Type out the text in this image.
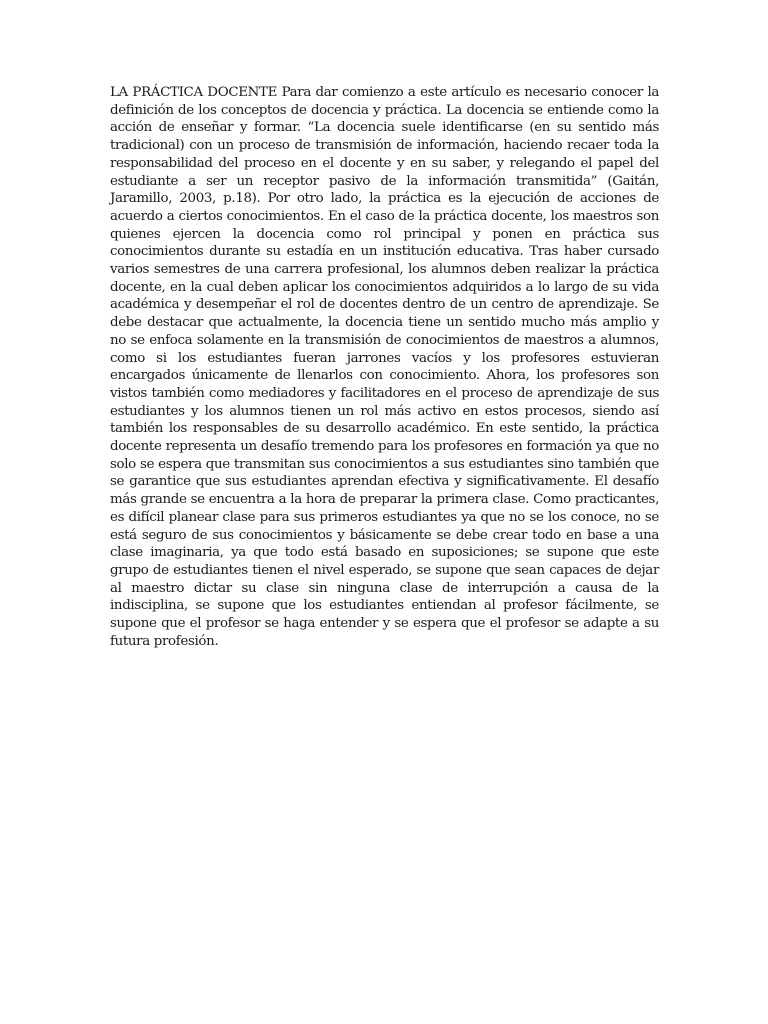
LA PRÁCTICA DOCENTE Para dar comienzo a este artículo es necesario conocer la definición de los conceptos de docencia y práctica. La docencia se entiende como la acción de enseñar y formar. “La docencia suele identificarse (en su sentido más tradicional) con un proceso de transmisión de información, haciendo recaer toda la responsabilidad del proceso en el docente y en su saber, y relegando el papel del estudiante a ser un receptor pasivo de la información transmitida” (Gaitán, Jaramillo, 2003, p.18). Por otro lado, la práctica es la ejecución de acciones de acuerdo a ciertos conocimientos. En el caso de la práctica docente, los maestros son quienes ejercen la docencia como rol principal y ponen en práctica sus conocimientos durante su estadía en un institución educativa. Tras haber cursado varios semestres de una carrera profesional, los alumnos deben realizar la práctica docente, en la cual deben aplicar los conocimientos adquiridos a lo largo de su vida académica y desempeñar el rol de docentes dentro de un centro de aprendizaje. Se debe destacar que actualmente, la docencia tiene un sentido mucho más amplio y no se enfoca solamente en la transmisión de conocimientos de maestros a alumnos, como si los estudiantes fueran jarrones vacíos y los profesores estuvieran encargados únicamente de llenarlos con conocimiento. Ahora, los profesores son vistos también como mediadores y facilitadores en el proceso de aprendizaje de sus estudiantes y los alumnos tienen un rol más activo en estos procesos, siendo así también los responsables de su desarrollo académico. En este sentido, la práctica docente representa un desafío tremendo para los profesores en formación ya que no solo se espera que transmitan sus conocimientos a sus estudiantes sino también que se garantice que sus estudiantes aprendan efectiva y significativamente. El desafío más grande se encuentra a la hora de preparar la primera clase. Como practicantes, es difícil planear clase para sus primeros estudiantes ya que no se los conoce, no se está seguro de sus conocimientos y básicamente se debe crear todo en base a una clase imaginaria, ya que todo está basado en suposiciones; se supone que este grupo de estudiantes tienen el nivel esperado, se supone que sean capaces de dejar al maestro dictar su clase sin ninguna clase de interrupción a causa de la indisciplina, se supone que los estudiantes entiendan al profesor fácilmente, se supone que el profesor se haga entender y se espera que el profesor se adapte a su futura profesión.
